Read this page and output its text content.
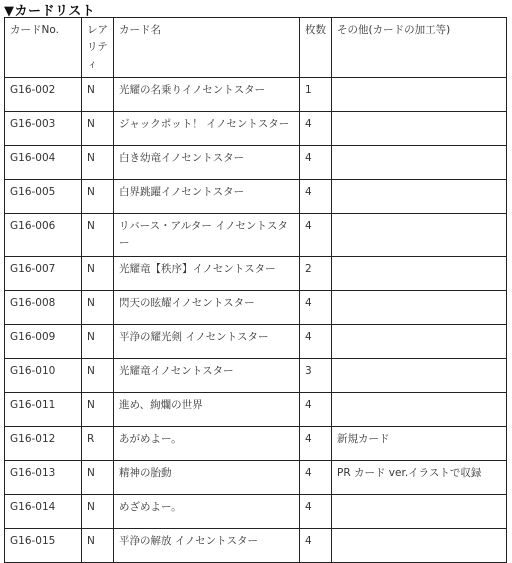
▼カードリスト
カードNo.	レアリティ	カード名	枚数	その他(カードの加工等)
G16-002	N	光耀の名乗りイノセントスター	1	
G16-003	N	ジャックポット！ イノセントスター	4	
G16-004	N	白き幼竜イノセントスター	4	
G16-005	N	白界跳躍イノセントスター	4	
G16-006	N	リバース・アルター イノセントスター	4	
G16-007	N	光耀竜【秩序】イノセントスター	2	
G16-008	N	閃天の眩耀イノセントスター	4	
G16-009	N	平浄の耀光剣 イノセントスター	4	
G16-010	N	光耀竜イノセントスター	3	
G16-011	N	進め、絢爛の世界	4	
G16-012	R	あがめよー。	4	新規カード
G16-013	N	精神の胎動	4	PR カード ver.イラストで収録
G16-014	N	めざめよー。	4	
G16-015	N	平浄の解放 イノセントスター	4	
